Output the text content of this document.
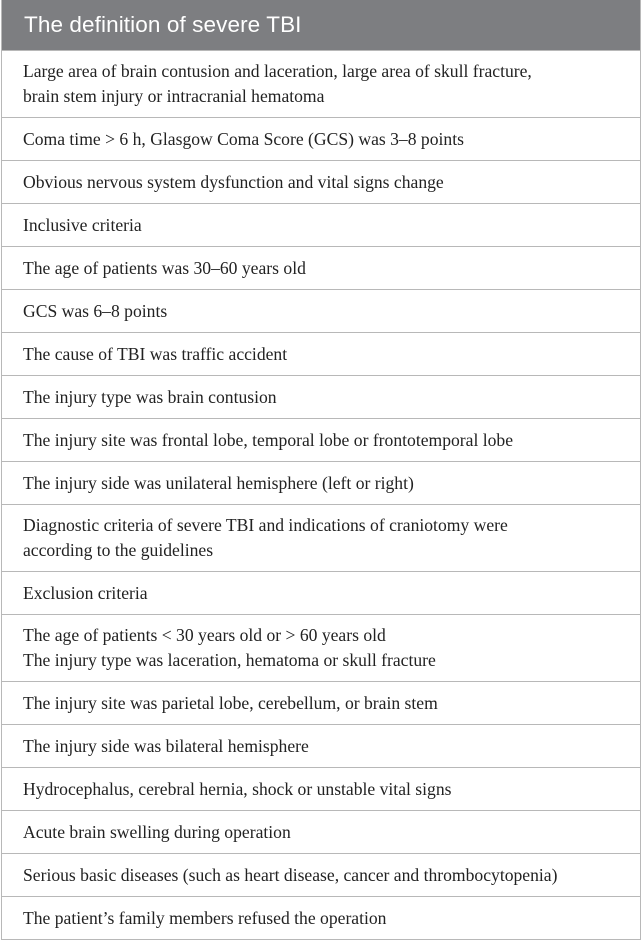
The definition of severe TBI
Large area of brain contusion and laceration, large area of skull fracture,
brain stem injury or intracranial hematoma
Coma time > 6 h, Glasgow Coma Score (GCS) was 3–8 points
Obvious nervous system dysfunction and vital signs change
Inclusive criteria
The age of patients was 30–60 years old
GCS was 6–8 points
The cause of TBI was traffic accident
The injury type was brain contusion
The injury site was frontal lobe, temporal lobe or frontotemporal lobe
The injury side was unilateral hemisphere (left or right)
Diagnostic criteria of severe TBI and indications of craniotomy were
according to the guidelines
Exclusion criteria
The age of patients < 30 years old or > 60 years old
The injury type was laceration, hematoma or skull fracture
The injury site was parietal lobe, cerebellum, or brain stem
The injury side was bilateral hemisphere
Hydrocephalus, cerebral hernia, shock or unstable vital signs
Acute brain swelling during operation
Serious basic diseases (such as heart disease, cancer and thrombocytopenia)
The patient’s family members refused the operation
